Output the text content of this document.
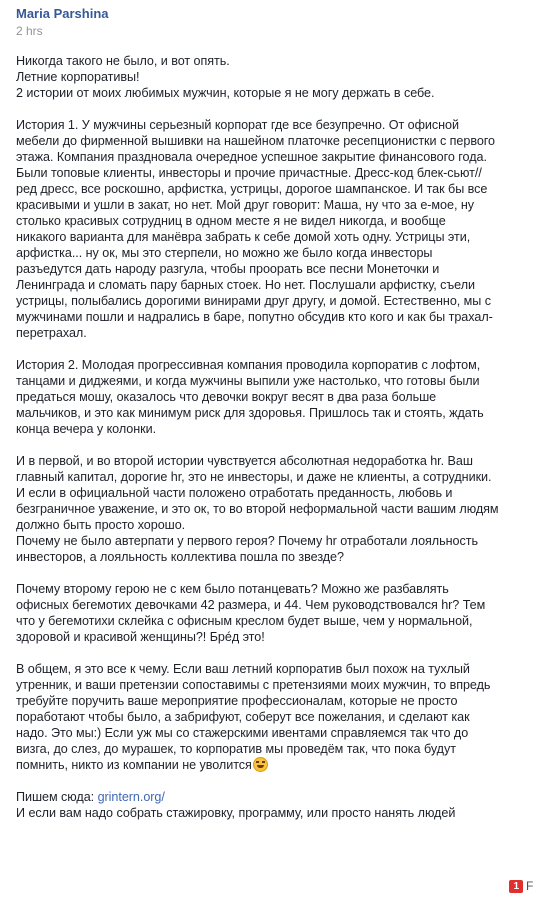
Maria Parshina
2 hrs
Никогда такого не было, и вот опять.
Летние корпоративы!
2 истории от моих любимых мужчин, которые я не могу держать в себе.
История 1. У мужчины серьезный корпорат где все безупречно. От офисной
мебели до фирменной вышивки на нашейном платочке ресепционистки с первого
этажа. Компания праздновала очередное успешное закрытие финансового года.
Были топовые клиенты, инвесторы и прочие причастные. Дресс-код блек-сьют//
ред дресс, все роскошно, арфистка, устрицы, дорогое шампанское. И так бы все
красивыми и ушли в закат, но нет. Мой друг говорит: Маша, ну что за е-мое, ну
столько красивых сотрудниц в одном месте я не видел никогда, и вообще
никакого варианта для манёвра забрать к себе домой хоть одну. Устрицы эти,
арфистка... ну ок, мы это стерпели, но можно же было когда инвесторы
разъедутся дать народу разгула, чтобы проорать все песни Монеточки и
Ленинграда и сломать пару барных стоек. Но нет. Послушали арфистку, съели
устрицы, полыбались дорогими винирами друг другу, и домой. Естественно, мы с
мужчинами пошли и надрались в баре, попутно обсудив кто кого и как бы трахал-
перетрахал.
История 2. Молодая прогрессивная компания проводила корпоратив с лофтом,
танцами и диджеями, и когда мужчины выпили уже настолько, что готовы были
предаться мошу, оказалось что девочки вокруг весят в два раза больше
мальчиков, и это как минимум риск для здоровья. Пришлось так и стоять, ждать
конца вечера у колонки.
И в первой, и во второй истории чувствуется абсолютная недоработка hr. Ваш
главный капитал, дорогие hr, это не инвесторы, и даже не клиенты, а сотрудники.
И если в официальной части положено отработать преданность, любовь и
безграничное уважение, и это ок, то во второй неформальной части вашим людям
должно быть просто хорошо.
Почему не было автерпати у первого героя? Почему hr отработали лояльность
инвесторов, а лояльность коллектива пошла по звезде?
Почему второму герою не с кем было потанцевать? Можно же разбавлять
офисных бегемотих девочками 42 размера, и 44. Чем руководствовался hr? Тем
что у бегемотихи склейка с офисным креслом будет выше, чем у нормальной,
здоровой и красивой женщины?! Брéд это!
В общем, я это все к чему. Если ваш летний корпоратив был похож на тухлый
утренник, и ваши претензии сопоставимы с претензиями моих мужчин, то впредь
требуйте поручить ваше мероприятие профессионалам, которые не просто
поработают чтобы было, а забрифуют, соберут все пожелания, и сделают как
надо. Это мы:) Если уж мы со стажерскими ивентами справляемся так что до
визга, до слез, до мурашек, то корпоратив мы проведём так, что пока будут
помнить, никто из компании не уволится
Пишем сюда: grintern.org/
И если вам надо собрать стажировку, программу, или просто нанять людей
1 F
